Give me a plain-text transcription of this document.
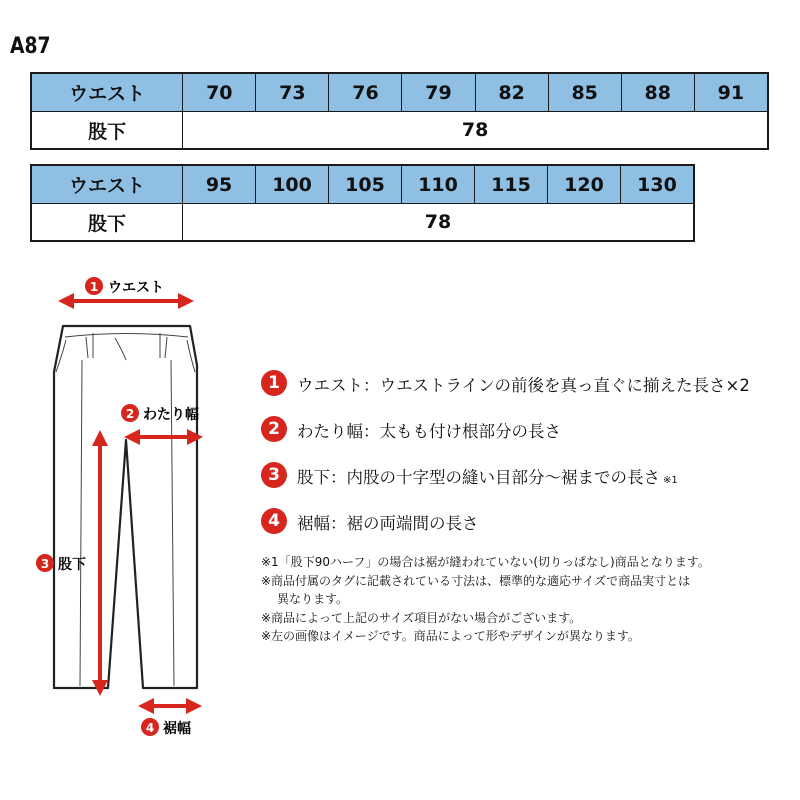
A87
ウエスト	70	73	76	79	82	85	88	91
股下	78							
ウエスト	95	100	105	110	115	120	130
股下	78						
1 ウエスト
2 わたり幅
3 股下
4 裾幅
1	ウエスト：ウエストラインの前後を真っ直ぐに揃えた長さ×2
2	わたり幅：太もも付け根部分の長さ
3	股下：内股の十字型の縫い目部分～裾までの長さ ※1
4	裾幅：裾の両端間の長さ
※1「股下90ハーフ」の場合は裾が縫われていない(切りっぱなし)商品となります。
※商品付属のタグに記載されている寸法は、標準的な適応サイズで商品実寸とは
異なります。
※商品によって上記のサイズ項目がない場合がございます。
※左の画像はイメージです。商品によって形やデザインが異なります。
